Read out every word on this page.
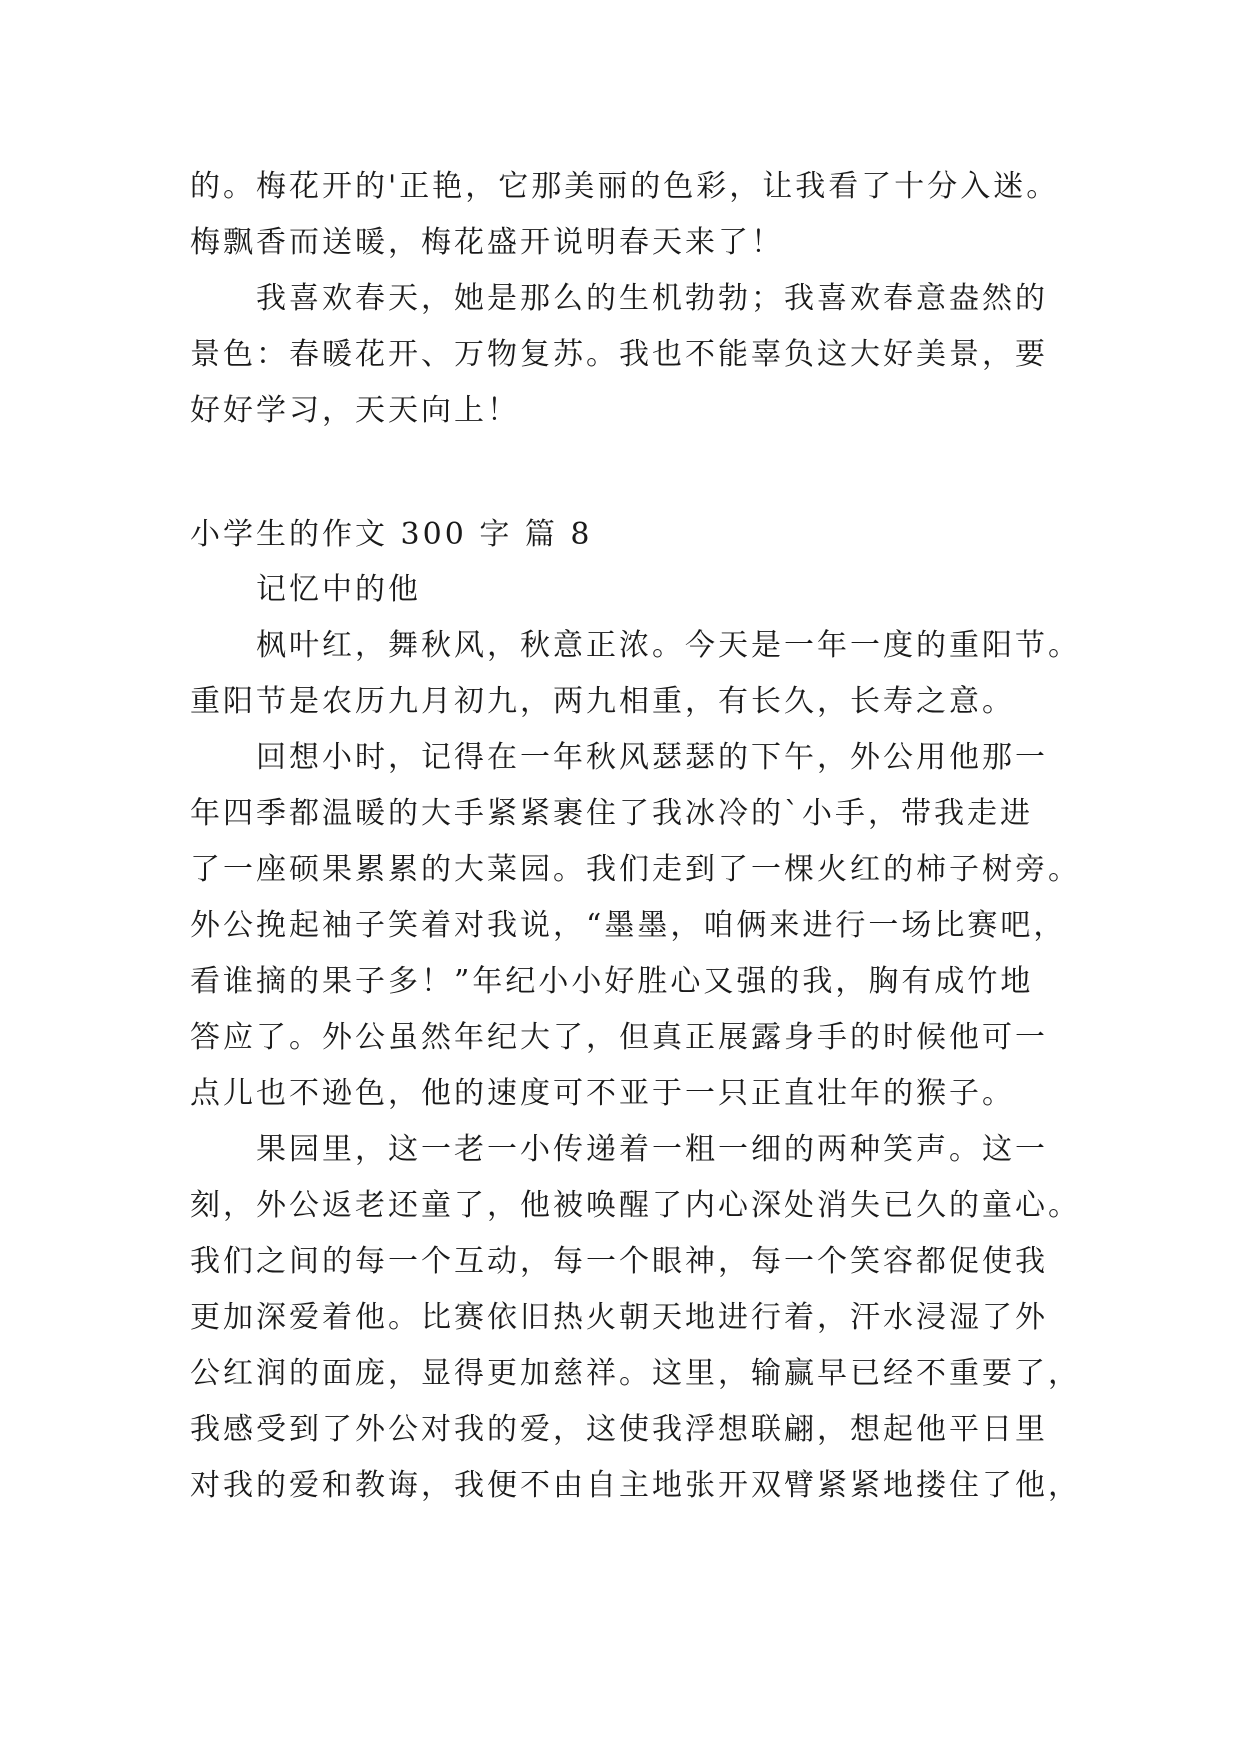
的。梅花开的'正艳，它那美丽的色彩，让我看了十分入迷。
梅飘香而送暖，梅花盛开说明春天来了！
我喜欢春天，她是那么的生机勃勃；我喜欢春意盎然的
景色：春暖花开、万物复苏。我也不能辜负这大好美景，要
好好学习，天天向上！
小学生的作文 300 字 篇 8
记忆中的他
枫叶红，舞秋风，秋意正浓。今天是一年一度的重阳节。
重阳节是农历九月初九，两九相重，有长久，长寿之意。
回想小时，记得在一年秋风瑟瑟的下午，外公用他那一
年四季都温暖的大手紧紧裹住了我冰冷的`小手，带我走进
了一座硕果累累的大菜园。我们走到了一棵火红的柿子树旁。
外公挽起袖子笑着对我说，“墨墨，咱俩来进行一场比赛吧，
看谁摘的果子多！”年纪小小好胜心又强的我，胸有成竹地
答应了。外公虽然年纪大了，但真正展露身手的时候他可一
点儿也不逊色，他的速度可不亚于一只正直壮年的猴子。
果园里，这一老一小传递着一粗一细的两种笑声。这一
刻，外公返老还童了，他被唤醒了内心深处消失已久的童心。
我们之间的每一个互动，每一个眼神，每一个笑容都促使我
更加深爱着他。比赛依旧热火朝天地进行着，汗水浸湿了外
公红润的面庞，显得更加慈祥。这里，输赢早已经不重要了，
我感受到了外公对我的爱，这使我浮想联翩，想起他平日里
对我的爱和教诲，我便不由自主地张开双臂紧紧地搂住了他，
